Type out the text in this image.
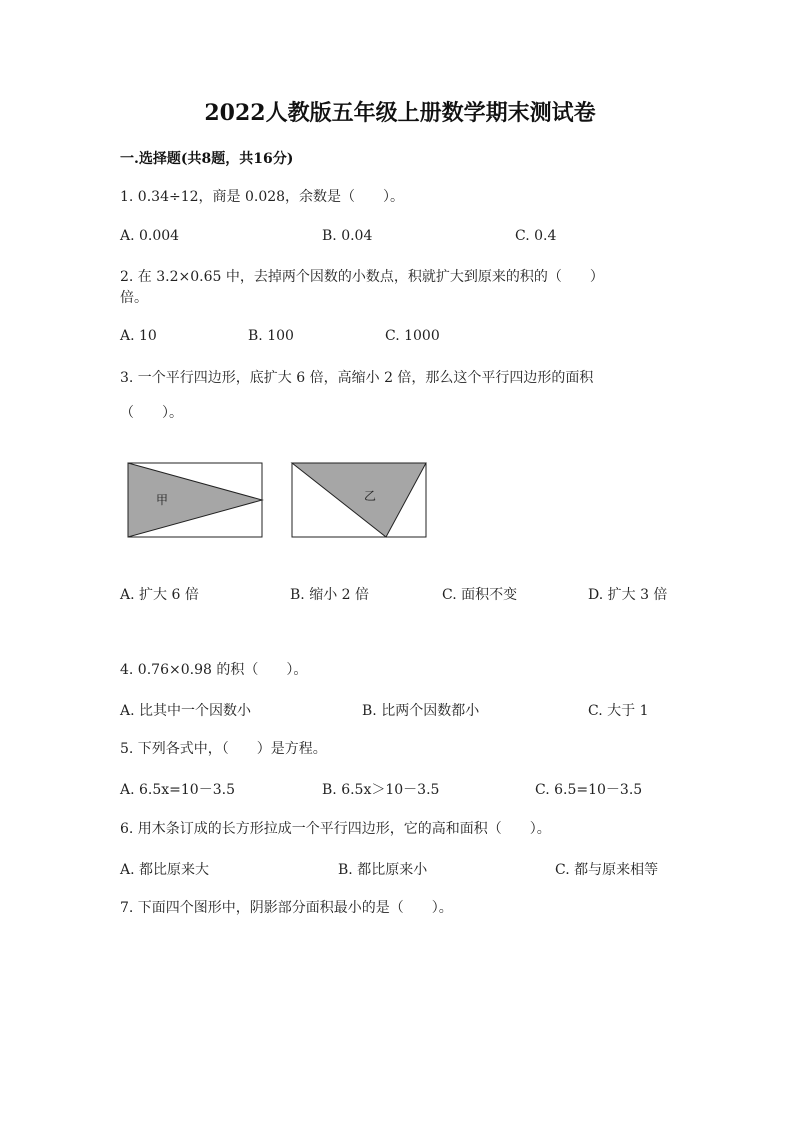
2022人教版五年级上册数学期末测试卷
一.选择题(共8题，共16分)
1. 0.34÷12，商是 0.028，余数是（　　）。
A. 0.004	B. 0.04	C. 0.4
2. 在 3.2×0.65 中，去掉两个因数的小数点，积就扩大到原来的积的（　　）
倍。
A. 10	B. 100	C. 1000
3. 一个平行四边形，底扩大 6 倍，高缩小 2 倍，那么这个平行四边形的面积
（　　）。
甲	乙
A. 扩大 6 倍	B. 缩小 2 倍	C. 面积不变	D. 扩大 3 倍
4. 0.76×0.98 的积（　　）。
A. 比其中一个因数小	B. 比两个因数都小	C. 大于 1
5. 下列各式中，（　　）是方程。
A. 6.5x=10－3.5	B. 6.5x＞10－3.5	C. 6.5=10－3.5
6. 用木条订成的长方形拉成一个平行四边形，它的高和面积（　　）。
A. 都比原来大	B. 都比原来小	C. 都与原来相等
7. 下面四个图形中，阴影部分面积最小的是（　　）。
